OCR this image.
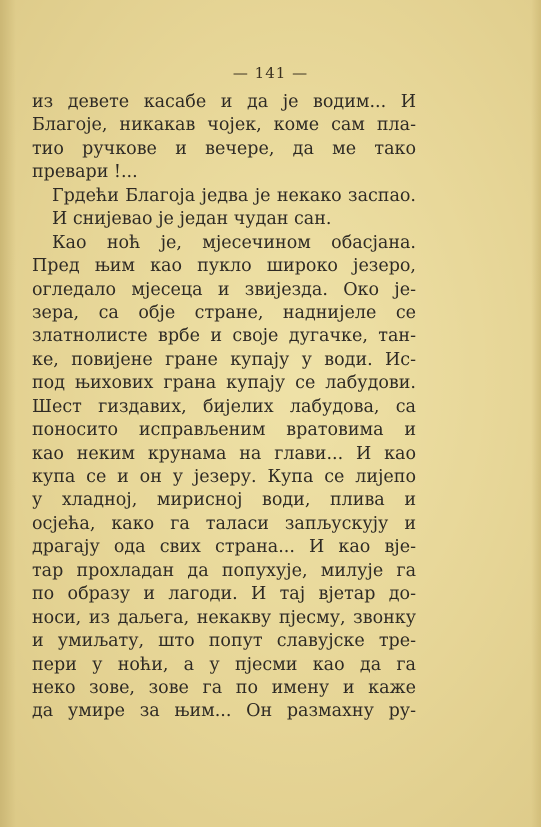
— 141 —
из девете касабе и да је водим... И
Благоје, никакав чојек, коме сам пла-
тио ручкове и вечере, да ме тако
превари !...
Грдећи Благоја једва је некако заспао.
И снијевао је један чудан сан.
Као ноћ је, мјесечином обасјана.
Пред њим као пукло широко језеро,
огледало мјесеца и звијезда. Око је-
зера, са обје стране, наднијеле се
златнолисте врбе и своје дугачке, тан-
ке, повијене гране купају у води. Ис-
под њихових грана купају се лабудови.
Шест гиздавих, бијелих лабудова, са
поносито исправљеним вратовима и
као неким крунама на глави... И као
купа се и он у језеру. Купа се лијепо
у хладној, мирисној води, плива и
осјећа, како га таласи запљускују и
драгају ода свих страна... И као вје-
тар прохладан да попухује, милује га
по образу и лагоди. И тај вјетар до-
носи, из даљега, некакву пјесму, звонку
и умиљату, што попут славујске тре-
пери у ноћи, а у пјесми као да га
неко зове, зове га по имену и каже
да умире за њим... Он размахну ру-
